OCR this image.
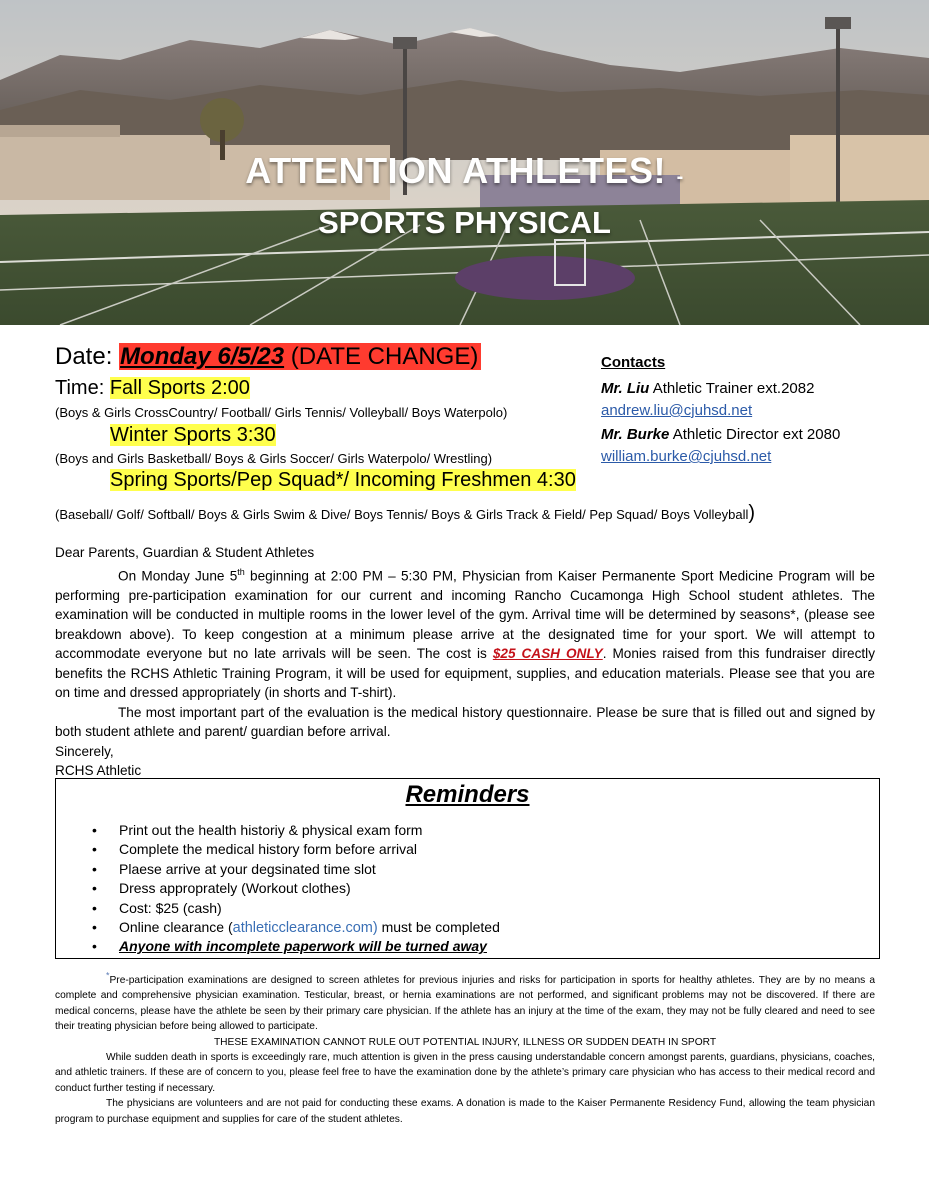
ATTENTION ATHLETES! -
SPORTS PHYSICAL
Date: Monday 6/5/23 (DATE CHANGE)
Time: Fall Sports 2:00
(Boys & Girls CrossCountry/ Football/ Girls Tennis/ Volleyball/ Boys Waterpolo)
Winter Sports 3:30
(Boys and Girls Basketball/ Boys & Girls Soccer/ Girls Waterpolo/ Wrestling)
Spring Sports/Pep Squad*/ Incoming Freshmen 4:30
(Baseball/ Golf/ Softball/ Boys & Girls Swim & Dive/ Boys Tennis/ Boys & Girls Track & Field/ Pep Squad/ Boys Volleyball)
Contacts
Mr. Liu Athletic Trainer ext.2082
andrew.liu@cjuhsd.net
Mr. Burke Athletic Director ext 2080
william.burke@cjuhsd.net

Dear Parents, Guardian & Student Athletes

On Monday June 5th beginning at 2:00 PM – 5:30 PM, Physician from Kaiser Permanente Sport Medicine Program will be performing pre-participation examination for our current and incoming Rancho Cucamonga High School student athletes. The examination will be conducted in multiple rooms in the lower level of the gym. Arrival time will be determined by seasons*, (please see breakdown above). To keep congestion at a minimum please arrive at the designated time for your sport. We will attempt to accommodate everyone but no late arrivals will be seen. The cost is $25 CASH ONLY. Monies raised from this fundraiser directly benefits the RCHS Athletic Training Program, it will be used for equipment, supplies, and education materials. Please see that you are on time and dressed appropriately (in shorts and T-shirt).

The most important part of the evaluation is the medical history questionnaire. Please be sure that is filled out and signed by both student athlete and parent/ guardian before arrival.

Sincerely,

RCHS Athletic

Reminders
• Print out the health historiy & physical exam form
• Complete the medical history form before arrival
• Plaese arrive at your degsinated time slot
• Dress approprately (Workout clothes)
• Cost: $25 (cash)
• Online clearance (athleticclearance.com) must be completed
• Anyone with incomplete paperwork will be turned away

*Pre-participation examinations are designed to screen athletes for previous injuries and risks for participation in sports for healthy athletes. They are by no means a complete and comprehensive physician examination. Testicular, breast, or hernia examinations are not performed, and significant problems may not be discovered. If there are medical concerns, please have the athlete be seen by their primary care physician. If the athlete has an injury at the time of the exam, they may not be fully cleared and need to see their treating physician before being allowed to participate.

THESE EXAMINATION CANNOT RULE OUT POTENTIAL INJURY, ILLNESS OR SUDDEN DEATH IN SPORT

While sudden death in sports is exceedingly rare, much attention is given in the press causing understandable concern amongst parents, guardians, physicians, coaches, and athletic trainers. If these are of concern to you, please feel free to have the examination done by the athlete’s primary care physician who has access to their medical record and conduct further testing if necessary.

The physicians are volunteers and are not paid for conducting these exams. A donation is made to the Kaiser Permanente Residency Fund, allowing the team physician program to purchase equipment and supplies for care of the student athletes.
